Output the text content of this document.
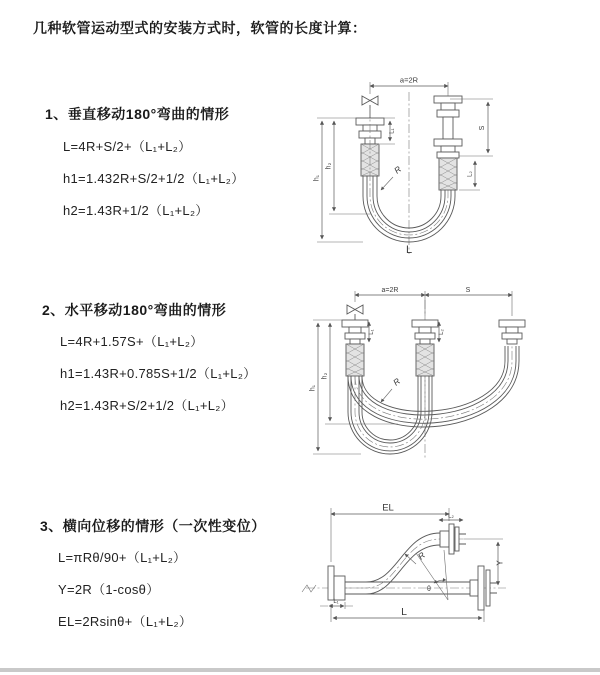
几种软管运动型式的安装方式时，软管的长度计算：
1、垂直移动180°弯曲的情形
L=4R+S/2+（L₁+L₂）
h1=1.432R+S/2+1/2（L₁+L₂）
h2=1.43R+1/2（L₁+L₂）
a=2R
S
L₂
L₁
h₁
h₂	R
L
2、水平移动180°弯曲的情形
L=4R+1.57S+（L₁+L₂）
h1=1.43R+0.785S+1/2（L₁+L₂）
h2=1.43R+S/2+1/2（L₁+L₂）
a=2R	S
h₁
h₂
L₁	L₂
R
3、横向位移的情形（一次性变位）
L=πRθ/90+（L₁+L₂）
Y=2R（1-cosθ）
EL=2Rsinθ+（L₁+L₂）
EL
L₂
Y
L
L₁
R
θ
